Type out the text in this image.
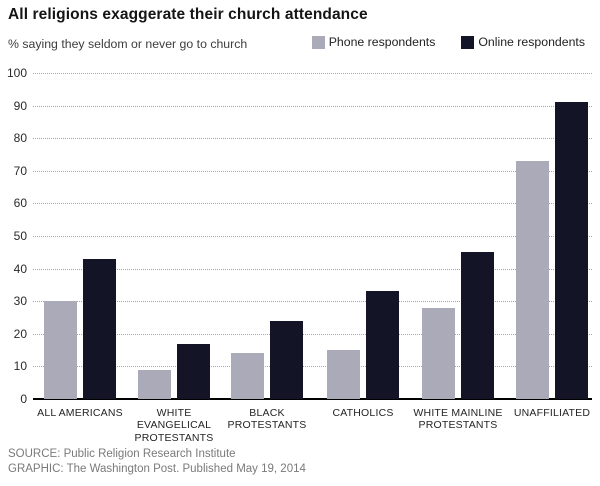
All religions exaggerate their church attendance
% saying they seldom or never go to church	Phone respondents	Online respondents
0
10
20
30
40
50
60
70
80
90
100
ALL AMERICANS	WHITE EVANGELICAL PROTESTANTS
BLACK PROTESTANTS
CATHOLICS	WHITE MAINLINE PROTESTANTS
UNAFFILIATED
SOURCE: Public Religion Research Institute
GRAPHIC: The Washington Post. Published May 19, 2014
